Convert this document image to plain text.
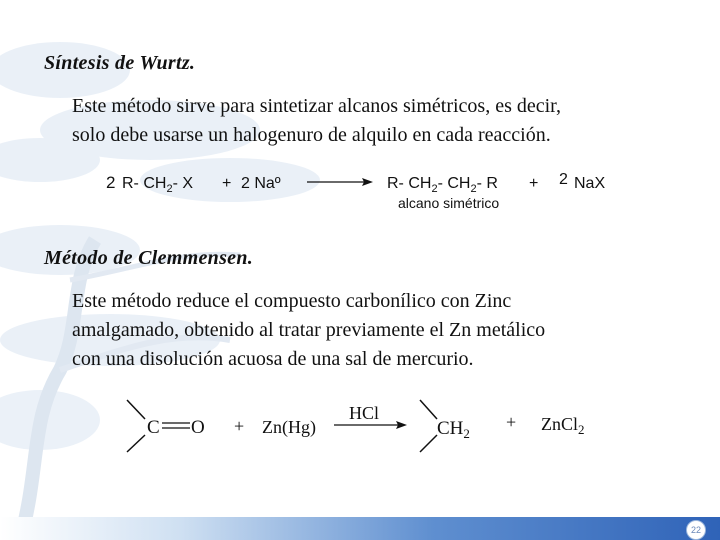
Síntesis de Wurtz.

Este método sirve para sintetizar alcanos simétricos, es decir,
solo debe usarse un halogenuro de alquilo en cada reacción.

2 R- $CH_2-$ X + 2 Naº	R- $CH_2-$ $CH_2-$ R + 2 NaX
alcano simétrico
Método de Clemmensen.

Este método reduce el compuesto carbonílico con Zinc
amalgamado, obtenido al tratar previamente el Zn metálico
con una disolución acuosa de una sal de mercurio.

C O + Zn(Hg)
HCl
$CH_2$
+ ZnCl$_2$
22
